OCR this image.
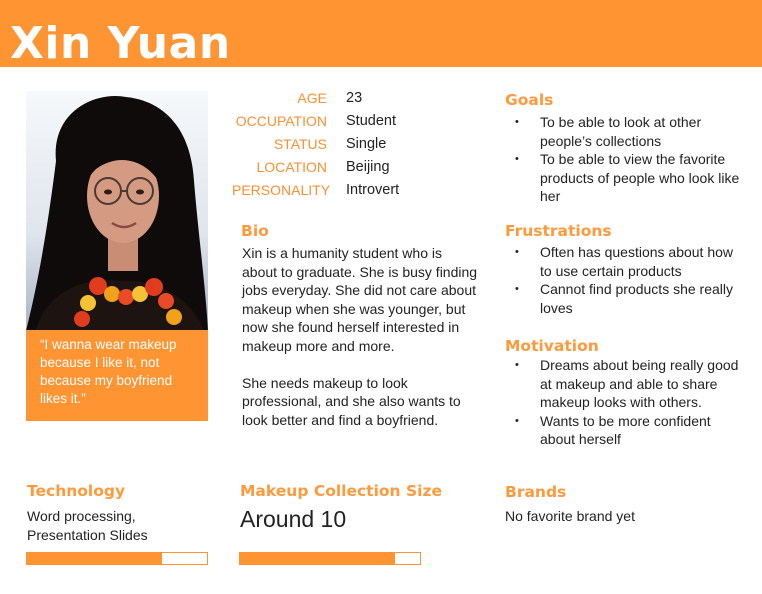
Xin Yuan
“I wanna wear makeup because I like it, not because my boyfriend likes it.”
AGE 23
OCCUPATION Student
STATUS Single
LOCATION Beijing
PERSONALITY Introvert
Bio

Xin is a humanity student who is about to graduate. She is busy finding jobs everyday. She did not care about makeup when she was younger, but now she found herself interested in makeup more and more.

She needs makeup to look professional, and she also wants to look better and find a boyfriend.

Goals
• To be able to look at other people’s collections
• To be able to view the favorite products of people who look like her
Frustrations
• Often has questions about how to use certain products
• Cannot find products she really loves
Motivation
• Dreams about being really good at makeup and able to share makeup looks with others.
• Wants to be more confident about herself
Technology
Word processing,
Presentation Slides
Makeup Collection Size
Around 10
Brands
No favorite brand yet
